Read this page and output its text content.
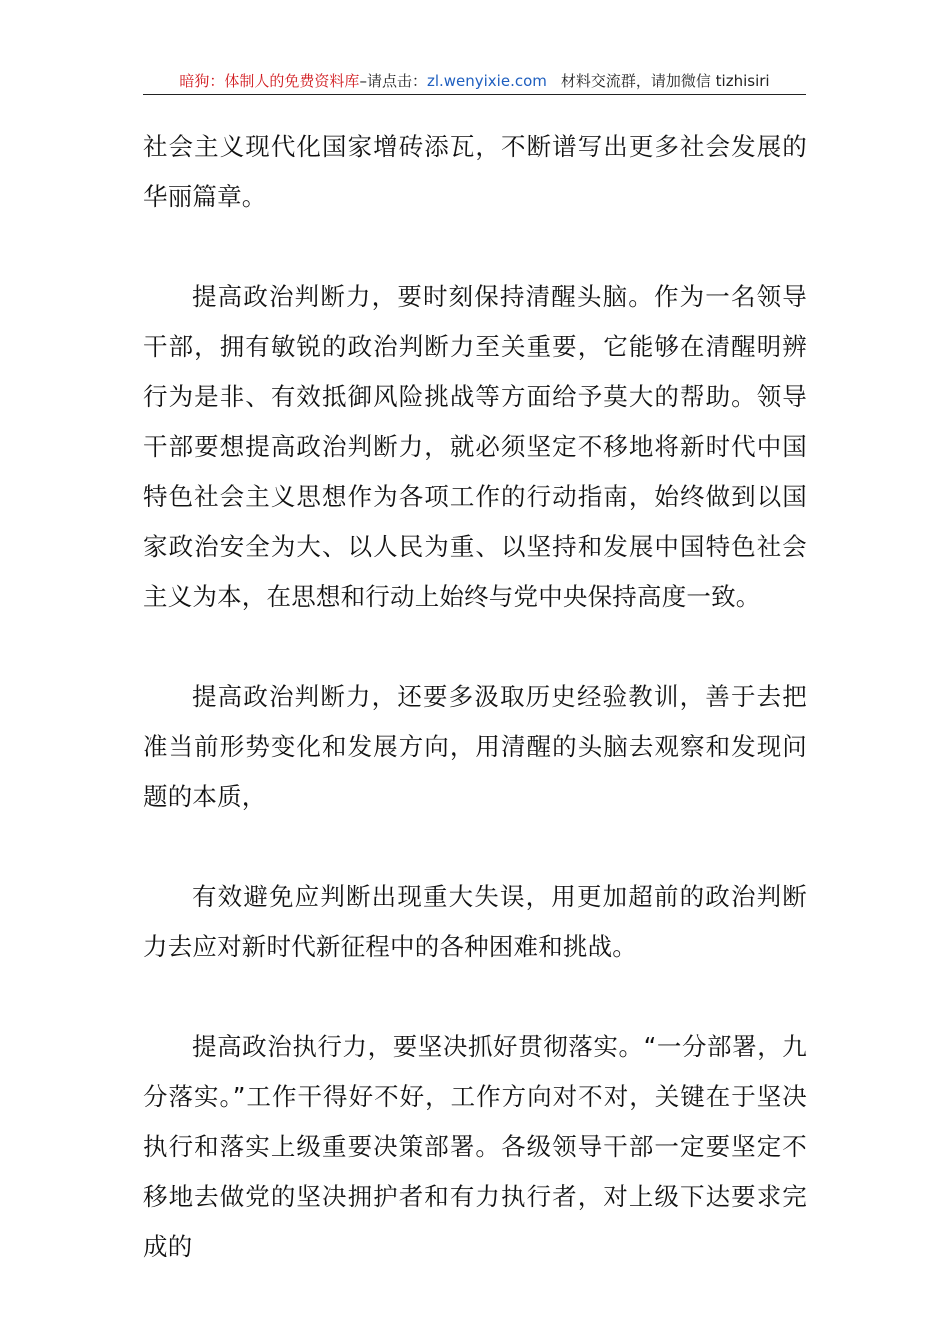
暗狗：体制人的免费资料库–请点击：zl.wenyixie.com 材料交流群，请加微信 tizhisiri

社会主义现代化国家增砖添瓦，不断谱写出更多社会发展的华丽篇章。

提高政治判断力，要时刻保持清醒头脑。作为一名领导干部，拥有敏锐的政治判断力至关重要，它能够在清醒明辨行为是非、有效抵御风险挑战等方面给予莫大的帮助。领导干部要想提高政治判断力，就必须坚定不移地将新时代中国特色社会主义思想作为各项工作的行动指南，始终做到以国家政治安全为大、以人民为重、以坚持和发展中国特色社会主义为本，在思想和行动上始终与党中央保持高度一致。

提高政治判断力，还要多汲取历史经验教训，善于去把准当前形势变化和发展方向，用清醒的头脑去观察和发现问题的本质，

有效避免应判断出现重大失误，用更加超前的政治判断力去应对新时代新征程中的各种困难和挑战。

提高政治执行力，要坚决抓好贯彻落实。“一分部署，九分落实。”工作干得好不好，工作方向对不对，关键在于坚决执行和落实上级重要决策部署。各级领导干部一定要坚定不移地去做党的坚决拥护者和有力执行者，对上级下达要求完成的
